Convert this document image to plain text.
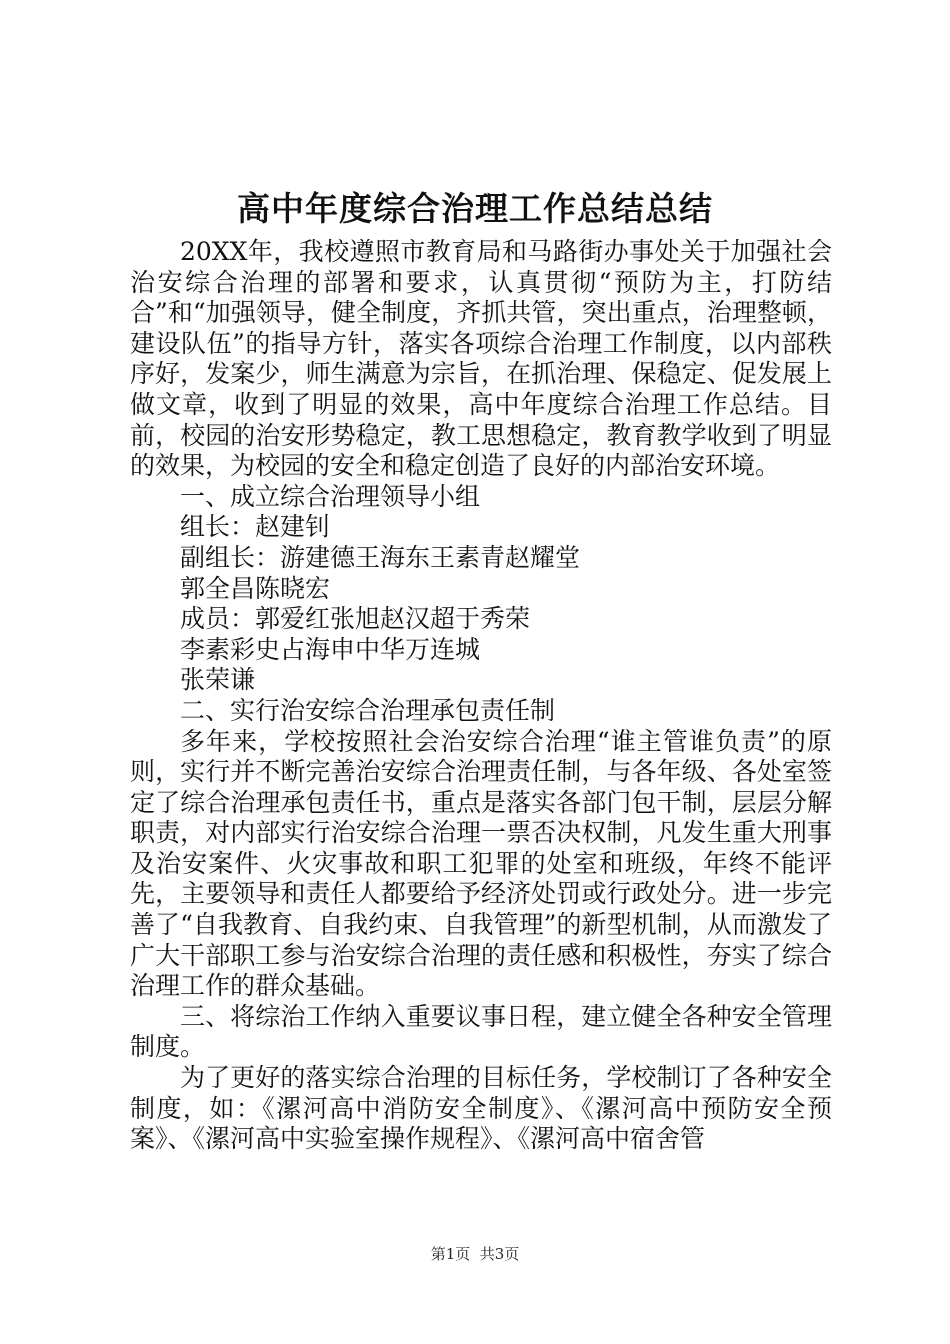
高中年度综合治理工作总结总结

20XX年，我校遵照市教育局和马路街办事处关于加强社会治安综合治理的部署和要求，认真贯彻“预防为主，打防结合”和“加强领导，健全制度，齐抓共管，突出重点，治理整顿，建设队伍”的指导方针，落实各项综合治理工作制度，以内部秩序好，发案少，师生满意为宗旨，在抓治理、保稳定、促发展上做文章，收到了明显的效果，高中年度综合治理工作总结。目前，校园的治安形势稳定，教工思想稳定，教育教学收到了明显的效果，为校园的安全和稳定创造了良好的内部治安环境。

一、成立综合治理领导小组

组长：赵建钊

副组长：游建德王海东王素青赵耀堂

郭全昌陈晓宏

成员：郭爱红张旭赵汉超于秀荣

李素彩史占海申中华万连城

张荣谦

二、实行治安综合治理承包责任制

多年来，学校按照社会治安综合治理“谁主管谁负责”的原则，实行并不断完善治安综合治理责任制，与各年级、各处室签定了综合治理承包责任书，重点是落实各部门包干制，层层分解职责，对内部实行治安综合治理一票否决权制，凡发生重大刑事及治安案件、火灾事故和职工犯罪的处室和班级，年终不能评先，主要领导和责任人都要给予经济处罚或行政处分。进一步完善了“自我教育、自我约束、自我管理”的新型机制，从而激发了广大干部职工参与治安综合治理的责任感和积极性，夯实了综合治理工作的群众基础。

三、将综治工作纳入重要议事日程，建立健全各种安全管理制度。

为了更好的落实综合治理的目标任务，学校制订了各种安全制度，如：《漯河高中消防安全制度》、《漯河高中预防安全预案》、《漯河高中实验室操作规程》、《漯河高中宿舍管

第1页  共3页
